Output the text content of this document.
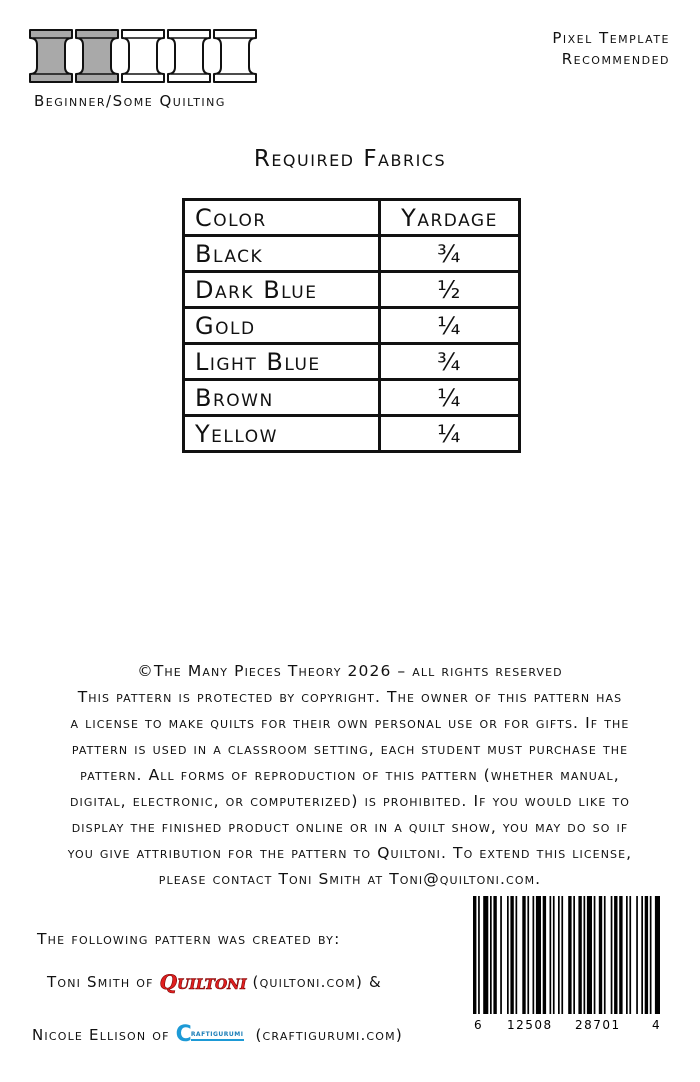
Beginner/Some Quilting
Pixel Template
Recommended
Required Fabrics
Color	Yardage
Black	¾
Dark Blue	½
Gold	¼
Light Blue	¾
Brown	¼
Yellow	¼
©The Many Pieces Theory 2026 – all rights reserved
This pattern is protected by copyright. The owner of this pattern has
a license to make quilts for their own personal use or for gifts. If the
pattern is used in a classroom setting, each student must purchase the
pattern. All forms of reproduction of this pattern (whether manual,
digital, electronic, or computerized) is prohibited. If you would like to
display the finished product online or in a quilt show, you may do so if
you give attribution for the pattern to Quiltoni. To extend this license,
please contact Toni Smith at Toni@quiltoni.com.
The following pattern was created by:
Toni Smith of Quiltoni (quiltoni.com) &
Nicole Ellison of C raftigurumi (craftigurumi.com)
6 12508 28701	4
